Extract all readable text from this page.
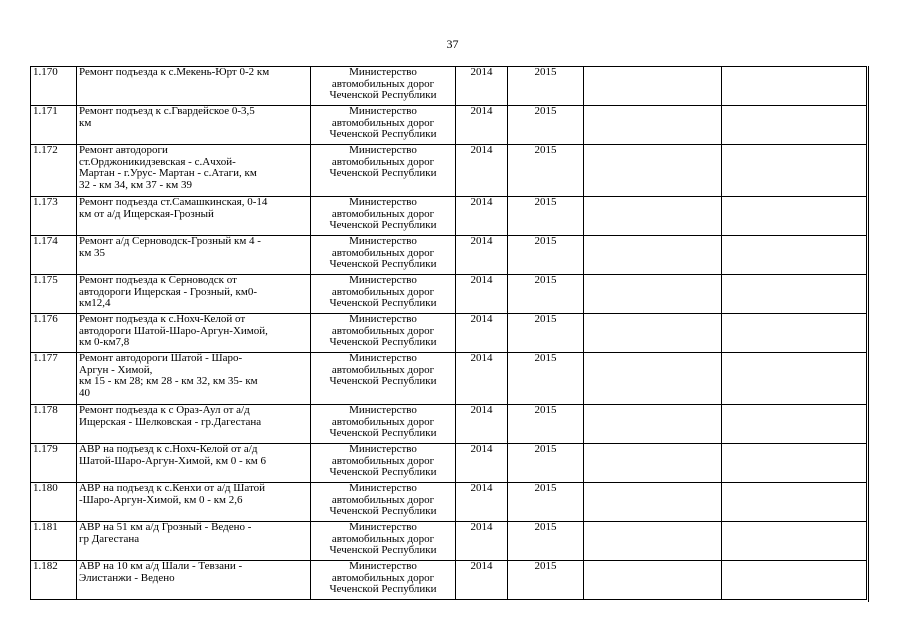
37
1.170	Ремонт подъезда к с.Мекень-Юрт 0-2 км	Министерство
автомобильных дорог
Чеченской Республики	2014	2015		
1.171	Ремонт подъезд к с.Гвардейское 0-3,5
км	Министерство
автомобильных дорог
Чеченской Республики	2014	2015		
1.172	Ремонт автодороги
ст.Орджоникидзевская - с.Ачхой-
Мартан - г.Урус- Мартан - с.Атаги, км
32 - км 34, км 37 - км 39	Министерство
автомобильных дорог
Чеченской Республики	2014	2015		
1.173	Ремонт подъезда ст.Самашкинская, 0-14
км от а/д Ищерская-Грозный	Министерство
автомобильных дорог
Чеченской Республики	2014	2015		
1.174	Ремонт а/д Серноводск-Грозный км 4 -
км 35	Министерство
автомобильных дорог
Чеченской Республики	2014	2015		
1.175	Ремонт подъезда к Серноводск от
автодороги Ищерская - Грозный, км0-
км12,4	Министерство
автомобильных дорог
Чеченской Республики	2014	2015		
1.176	Ремонт подъезда к с.Нохч-Келой от
автодороги Шатой-Шаро-Аргун-Химой,
км 0-км7,8	Министерство
автомобильных дорог
Чеченской Республики	2014	2015		
1.177	Ремонт автодороги Шатой - Шаро-
Аргун - Химой,
км 15 - км 28; км 28 - км 32, км 35- км
40	Министерство
автомобильных дорог
Чеченской Республики	2014	2015		
1.178	Ремонт подъезда к с Ораз-Аул от а/д
Ищерская - Шелковская - гр.Дагестана	Министерство
автомобильных дорог
Чеченской Республики	2014	2015		
1.179	АВР на подъезд к с.Нохч-Келой от а/д
Шатой-Шаро-Аргун-Химой, км 0 - км 6	Министерство
автомобильных дорог
Чеченской Республики	2014	2015		
1.180	АВР на подъезд к с.Кенхи от а/д Шатой
-Шаро-Аргун-Химой, км 0 - км 2,6	Министерство
автомобильных дорог
Чеченской Республики	2014	2015		
1.181	АВР на 51 км а/д Грозный - Ведено -
гр Дагестана	Министерство
автомобильных дорог
Чеченской Республики	2014	2015		
1.182	АВР на 10 км а/д Шали - Тевзани -
Элистанжи - Ведено	Министерство
автомобильных дорог
Чеченской Республики	2014	2015		
